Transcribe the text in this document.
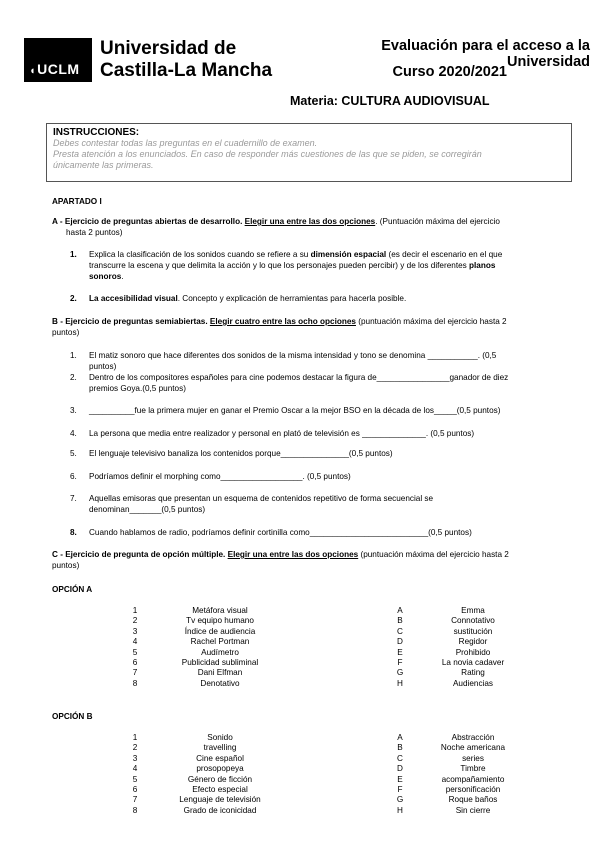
◖UCLM
Universidad de
Castilla-La Mancha
Evaluación para el acceso a la Universidad
Curso 2020/2021
Materia: CULTURA AUDIOVISUAL
INSTRUCCIONES:
Debes contestar todas las preguntas en el cuadernillo de examen.
Presta atención a los enunciados. En caso de responder más cuestiones de las que se piden, se corregirán
únicamente las primeras.
APARTADO I
A - Ejercicio de preguntas abiertas de desarrollo. Elegir una entre las dos opciones. (Puntuación máxima del ejercicio
hasta 2 puntos)
1. Explica la clasificación de los sonidos cuando se refiere a su dimensión espacial (es decir el escenario en el que
transcurre la escena y que delimita la acción y lo que los personajes pueden percibir) y de los diferentes planos
sonoros.
2. La accesibilidad visual. Concepto y explicación de herramientas para hacerla posible.
B - Ejercicio de preguntas semiabiertas. Elegir cuatro entre las ocho opciones (puntuación máxima del ejercicio hasta 2
puntos)
1. El matiz sonoro que hace diferentes dos sonidos de la misma intensidad y tono se denomina ___________. (0,5
puntos)
2. Dentro de los compositores españoles para cine podemos destacar la figura de________________ganador de diez
premios Goya.(0,5 puntos)
3. __________fue la primera mujer en ganar el Premio Oscar a la mejor BSO en la década de los_____(0,5 puntos)
4. La persona que media entre realizador y personal en plató de televisión es ______________. (0,5 puntos)
5. El lenguaje televisivo banaliza los contenidos porque_______________(0,5 puntos)
6. Podríamos definir el morphing como__________________. (0,5 puntos)
7. Aquellas emisoras que presentan un esquema de contenidos repetitivo de forma secuencial se
denominan_______(0,5 puntos)
8. Cuando hablamos de radio, podríamos definir cortinilla como__________________________(0,5 puntos)
C - Ejercicio de pregunta de opción múltiple. Elegir una entre las dos opciones (puntuación máxima del ejercicio hasta 2
puntos)
OPCIÓN A
1
2
3
4
5
6
7
8
Metáfora visual
Tv equipo humano
Índice de audiencia
Rachel Portman
Audímetro
Publicidad subliminal
Dani Elfman
Denotativo
A
B
C
D
E
F
G
H
Emma
Connotativo
sustitución
Regidor
Prohibido
La novia cadaver
Rating
Audiencias
OPCIÓN B
1
2
3
4
5
6
7
8
Sonido
travelling
Cine español
prosopopeya
Género de ficción
Efecto especial
Lenguaje de televisión
Grado de iconicidad
A
B
C
D
E
F
G
H
Abstracción
Noche americana
series
Timbre
acompañamiento
personificación
Roque baños
Sin cierre
